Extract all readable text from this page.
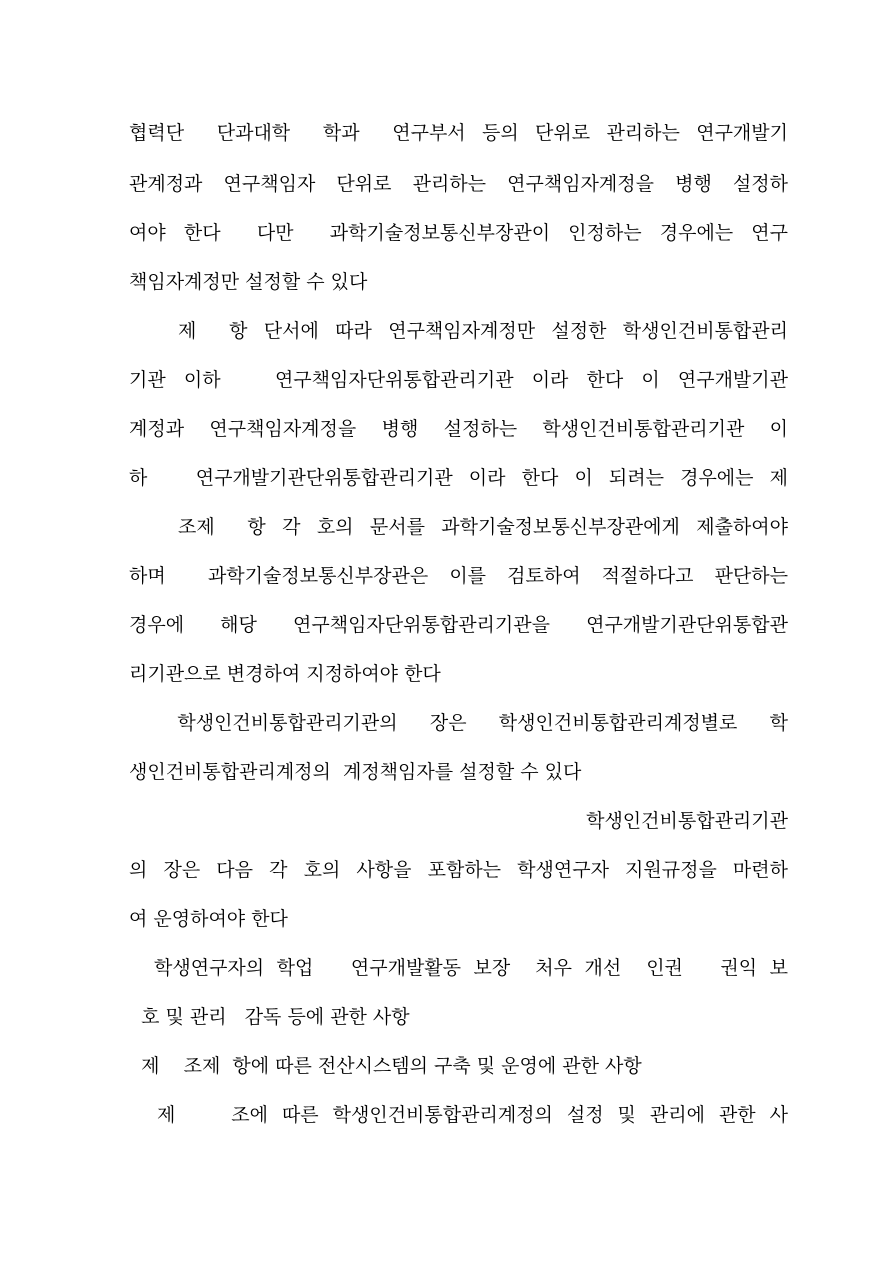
협력단  단과대학  학과  연구부서 등의 단위로 관리하는 연구개발기
관계정과 연구책임자 단위로 관리하는 연구책임자계정을 병행 설정하
여야 한다  다만  과학기술정보통신부장관이 인정하는 경우에는 연구
책임자계정만 설정할 수 있다
제  항 단서에 따라 연구책임자계정만 설정한 학생인건비통합관리
기관 이하   연구책임자단위통합관리기관 이라 한다 이 연구개발기관
계정과 연구책임자계정을 병행 설정하는 학생인건비통합관리기관 이
하   연구개발기관단위통합관리기관 이라 한다 이 되려는 경우에는 제
조제  항 각 호의 문서를 과학기술정보통신부장관에게 제출하여야
하며  과학기술정보통신부장관은 이를 검토하여 적절하다고 판단하는
경우에 해당 연구책임자단위통합관리기관을 연구개발기관단위통합관
리기관으로 변경하여 지정하여야 한다
학생인건비통합관리기관의  장은  학생인건비통합관리계정별로  학
생인건비통합관리계정의  계정책임자를 설정할 수 있다
학생인건비통합관리기관
의 장은 다음 각 호의 사항을 포함하는 학생연구자 지원규정을 마련하
여 운영하여야 한다
학생연구자의 학업   연구개발활동 보장  처우 개선  인권   권익 보
호 및 관리   감독 등에 관한 사항
제    조제  항에 따른 전산시스템의 구축 및 운영에 관한 사항
제    조에 따른 학생인건비통합관리계정의 설정 및 관리에 관한 사
